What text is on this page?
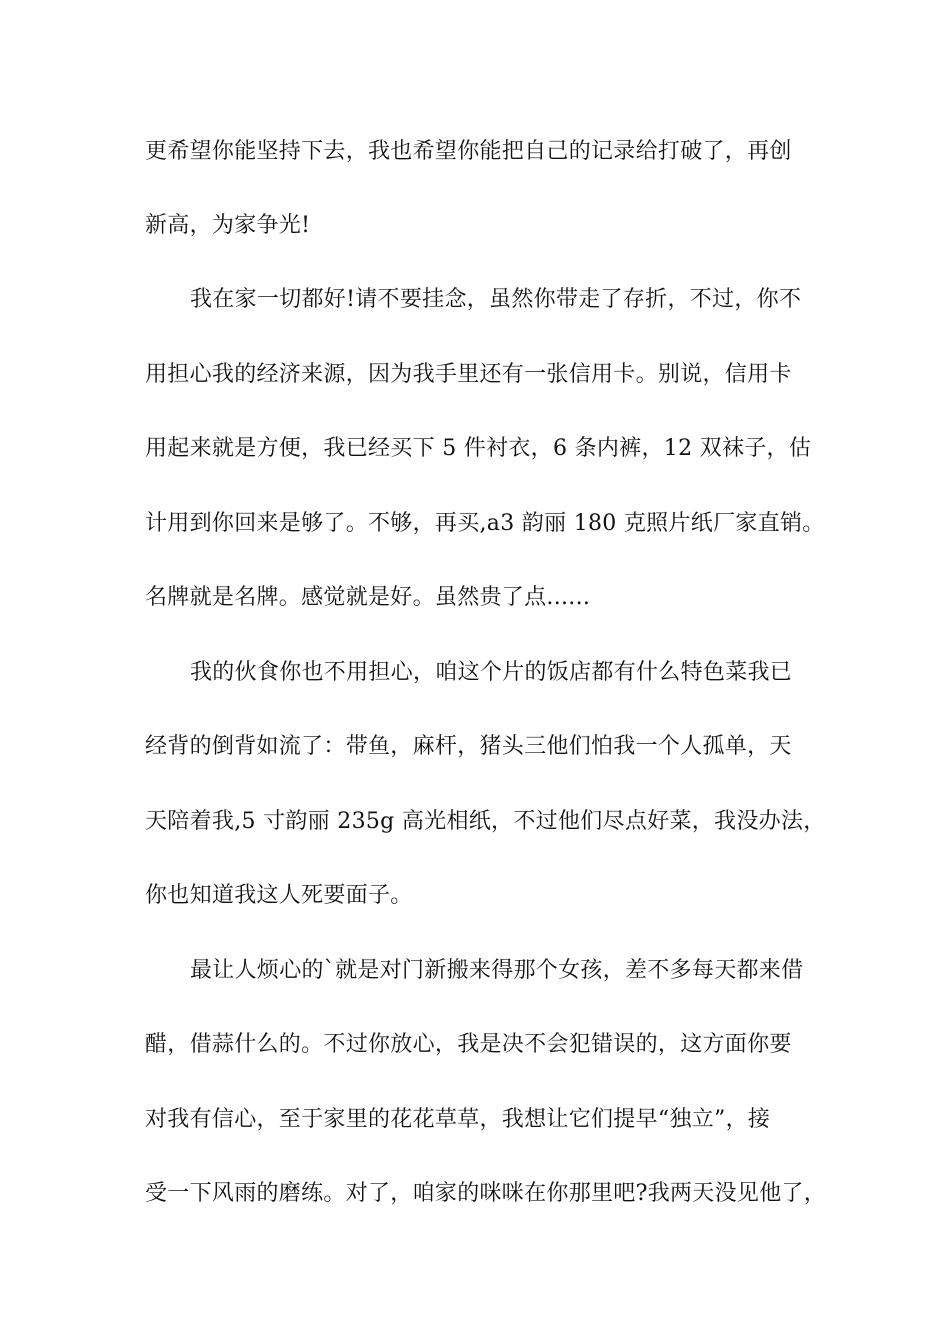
更希望你能坚持下去，我也希望你能把自己的记录给打破了，再创
新高，为家争光!
我在家一切都好!请不要挂念，虽然你带走了存折，不过，你不
用担心我的经济来源，因为我手里还有一张信用卡。别说，信用卡
用起来就是方便，我已经买下 5 件衬衣，6 条内裤，12 双袜子，估
计用到你回来是够了。不够，再买,a3 韵丽 180 克照片纸厂家直销。
名牌就是名牌。感觉就是好。虽然贵了点......
我的伙食你也不用担心，咱这个片的饭店都有什么特色菜我已
经背的倒背如流了：带鱼，麻杆，猪头三他们怕我一个人孤单，天
天陪着我,5 寸韵丽 235g 高光相纸，不过他们尽点好菜，我没办法，
你也知道我这人死要面子。
最让人烦心的`就是对门新搬来得那个女孩，差不多每天都来借
醋，借蒜什么的。不过你放心，我是决不会犯错误的，这方面你要
对我有信心，至于家里的花花草草，我想让它们提早“独立”，接
受一下风雨的磨练。对了，咱家的咪咪在你那里吧?我两天没见他了，
